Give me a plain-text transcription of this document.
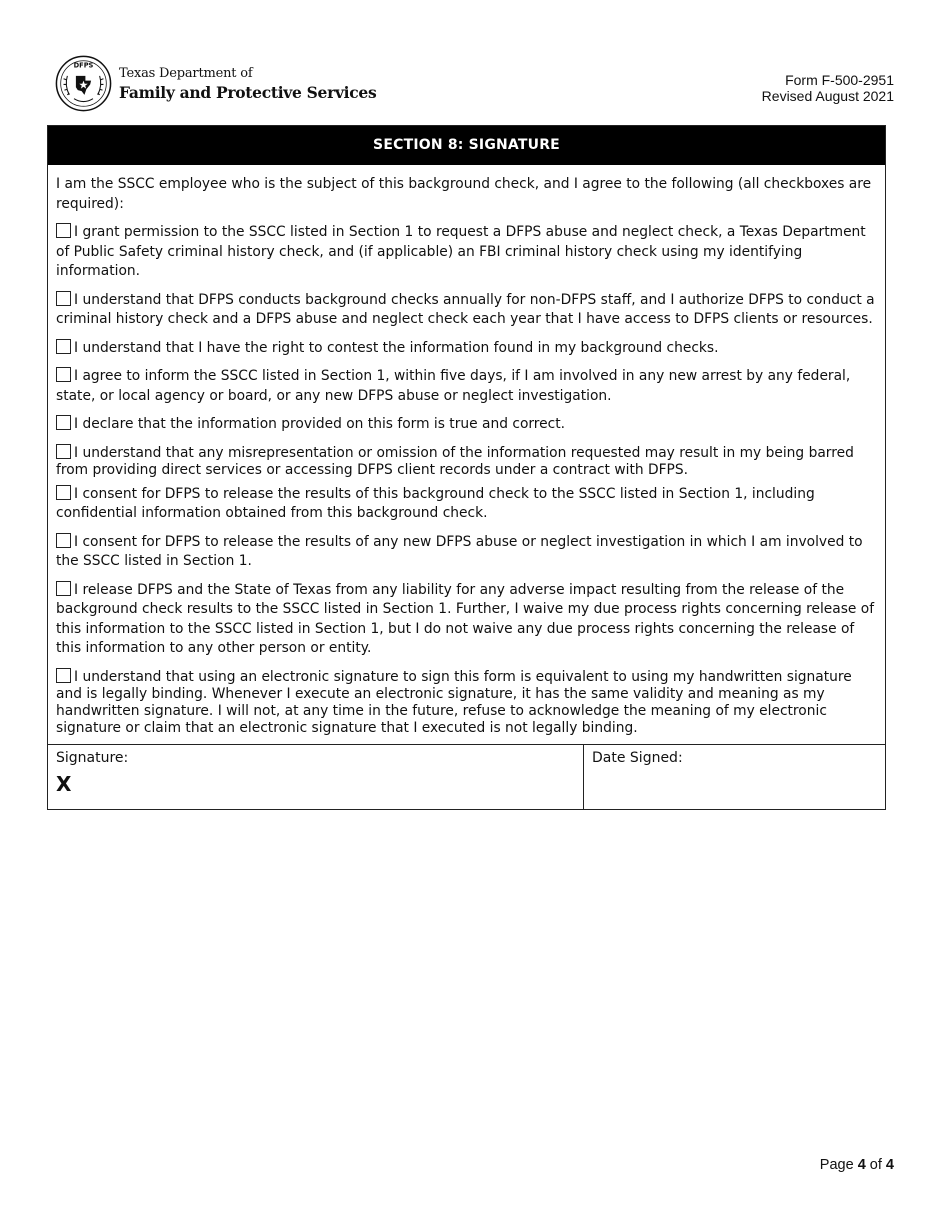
DFPS
Texas Department of
Family and Protective Services
Form F-500-2951
Revised August 2021
SECTION 8: SIGNATURE

I am the SSCC employee who is the subject of this background check, and I agree to the following (all checkboxes are required):

I grant permission to the SSCC listed in Section 1 to request a DFPS abuse and neglect check, a Texas Department of Public Safety criminal history check, and (if applicable) an FBI criminal history check using my identifying information.
I understand that DFPS conducts background checks annually for non-DFPS staff, and I authorize DFPS to conduct a criminal history check and a DFPS abuse and neglect check each year that I have access to DFPS clients or resources.
I understand that I have the right to contest the information found in my background checks.
I agree to inform the SSCC listed in Section 1, within five days, if I am involved in any new arrest by any federal, state, or local agency or board, or any new DFPS abuse or neglect investigation.
I declare that the information provided on this form is true and correct.
I understand that any misrepresentation or omission of the information requested may result in my being barred from providing direct services or accessing DFPS client records under a contract with DFPS.
I consent for DFPS to release the results of this background check to the SSCC listed in Section 1, including confidential information obtained from this background check.
I consent for DFPS to release the results of any new DFPS abuse or neglect investigation in which I am involved to the SSCC listed in Section 1.
I release DFPS and the State of Texas from any liability for any adverse impact resulting from the release of the background check results to the SSCC listed in Section 1. Further, I waive my due process rights concerning release of this information to the SSCC listed in Section 1, but I do not waive any due process rights concerning the release of this information to any other person or entity.
I understand that using an electronic signature to sign this form is equivalent to using my handwritten signature and is legally binding. Whenever I execute an electronic signature, it has the same validity and meaning as my handwritten signature. I will not, at any time in the future, refuse to acknowledge the meaning of my electronic signature or claim that an electronic signature that I executed is not legally binding.
Signature:
X
Date Signed:
Page 4 of 4
